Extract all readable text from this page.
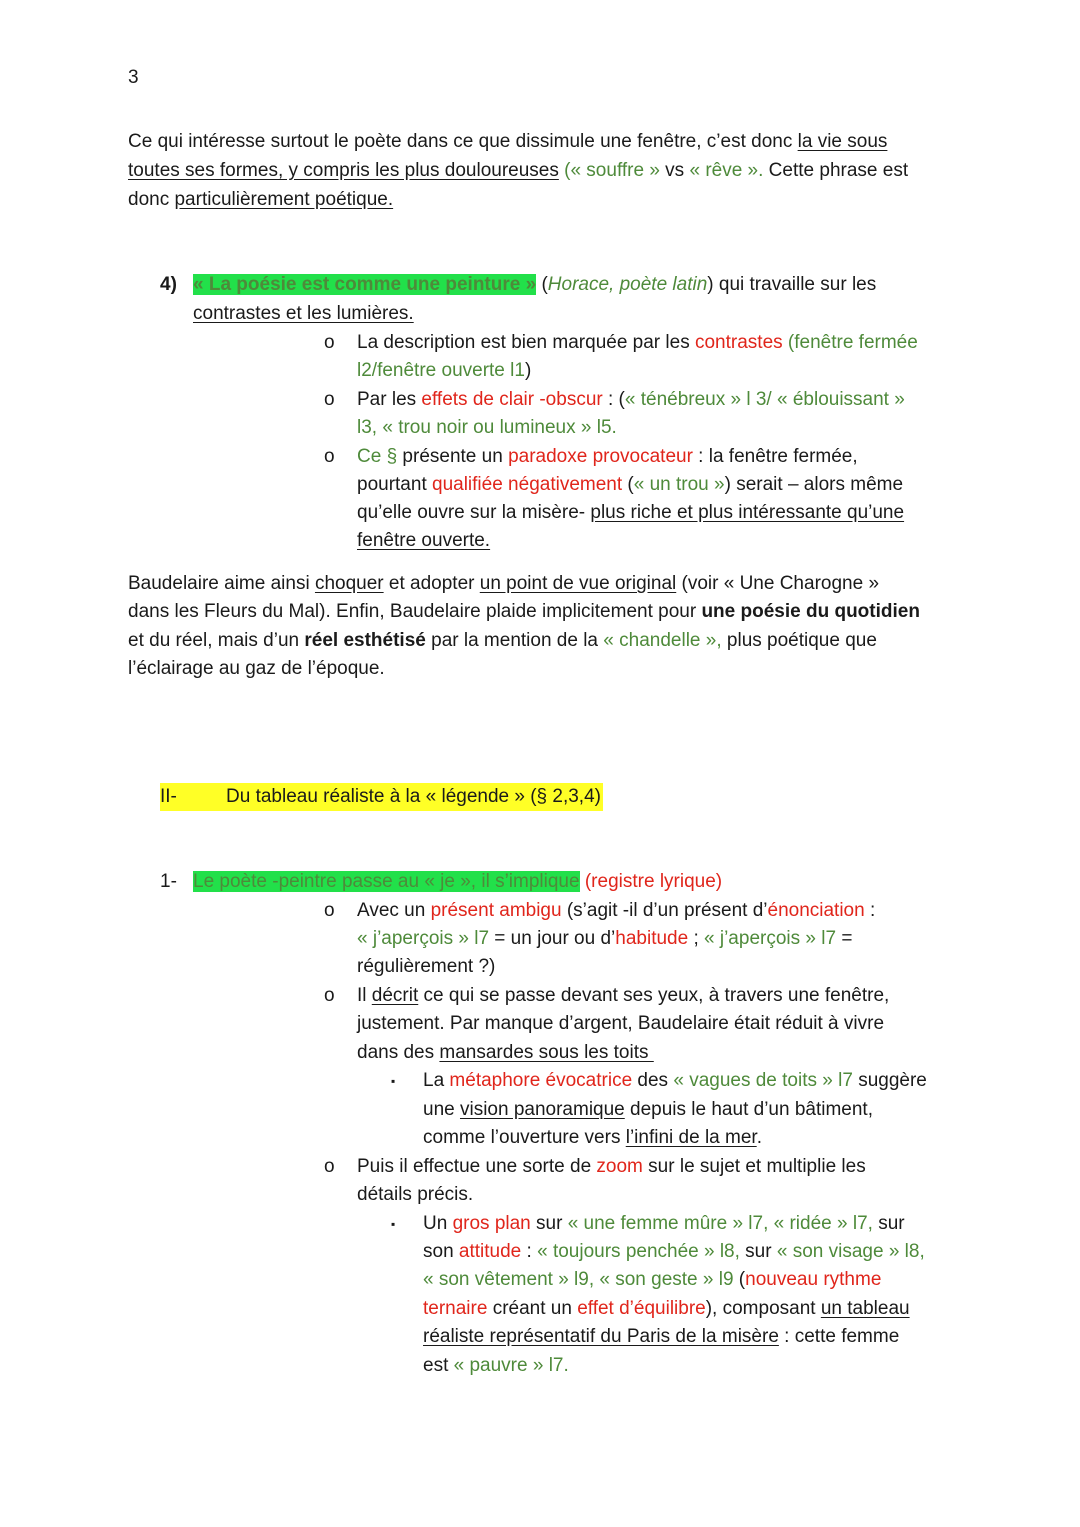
3
Ce qui intéresse surtout le poète dans ce que dissimule une fenêtre, c’est donc la vie sous
toutes ses formes, y compris les plus douloureuses (« souffre » vs « rêve ». Cette phrase est
donc particulièrement poétique.
4) « La poésie est comme une peinture » (Horace, poète latin) qui travaille sur les
contrastes et les lumières.
o La description est bien marquée par les contrastes (fenêtre fermée
l2/fenêtre ouverte l1)
o Par les effets de clair -obscur : (« ténébreux » l 3/ « éblouissant »
l3, « trou noir ou lumineux » l5.
o Ce § présente un paradoxe provocateur : la fenêtre fermée,
pourtant qualifiée négativement (« un trou ») serait – alors même
qu’elle ouvre sur la misère- plus riche et plus intéressante qu’une
fenêtre ouverte.
Baudelaire aime ainsi choquer et adopter un point de vue original (voir « Une Charogne »
dans les Fleurs du Mal). Enfin, Baudelaire plaide implicitement pour une poésie du quotidien
et du réel, mais d’un réel esthétisé par la mention de la « chandelle », plus poétique que
l’éclairage au gaz de l’époque.
II-	Du tableau réaliste à la « légende » (§ 2,3,4)
1- Le poète -peintre passe au « je », il s’implique (registre lyrique)
o Avec un présent ambigu (s’agit -il d’un présent d’énonciation :
« j’aperçois » l7 = un jour ou d’habitude ; « j’aperçois » l7 =
régulièrement ?)
o Il décrit ce qui se passe devant ses yeux, à travers une fenêtre,
justement. Par manque d’argent, Baudelaire était réduit à vivre
dans des mansardes sous les toits
▪ La métaphore évocatrice des « vagues de toits » l7 suggère
une vision panoramique depuis le haut d’un bâtiment,
comme l’ouverture vers l’infini de la mer.
o Puis il effectue une sorte de zoom sur le sujet et multiplie les
détails précis.
▪ Un gros plan sur « une femme mûre » l7, « ridée » l7, sur
son attitude : « toujours penchée » l8, sur « son visage » l8,
« son vêtement » l9, « son geste » l9 (nouveau rythme
ternaire créant un effet d’équilibre), composant un tableau
réaliste représentatif du Paris de la misère : cette femme
est « pauvre » l7.
